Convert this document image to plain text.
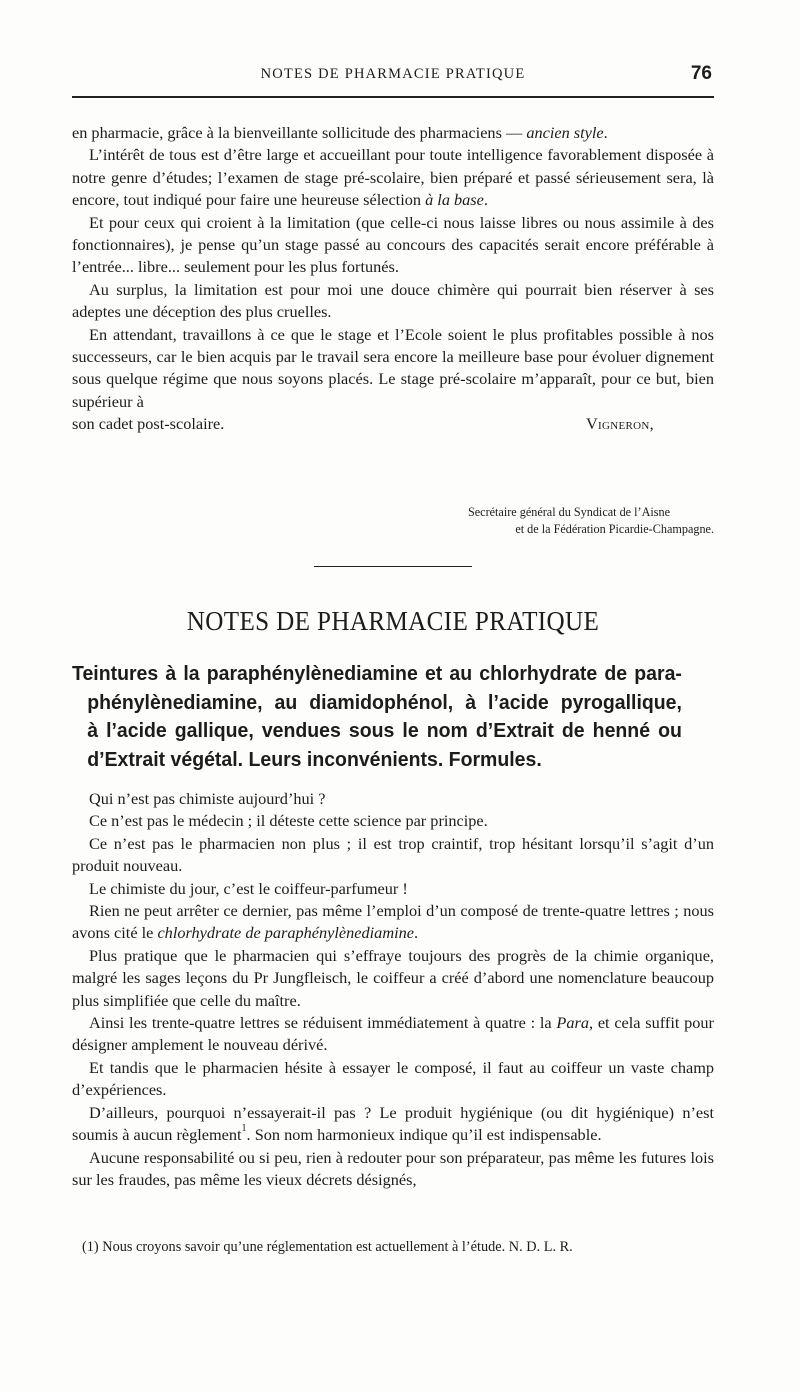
NOTES DE PHARMACIE PRATIQUE	76

en pharmacie, grâce à la bienveillante sollicitude des pharmaciens — ancien style.

L’intérêt de tous est d’être large et accueillant pour toute intelligence favorablement disposée à notre genre d’études; l’examen de stage pré-scolaire, bien préparé et passé sérieusement sera, là encore, tout indiqué pour faire une heureuse sélection à la base.

Et pour ceux qui croient à la limitation (que celle-ci nous laisse libres ou nous assimile à des fonctionnaires), je pense qu’un stage passé au concours des capacités serait encore préférable à l’entrée... libre... seulement pour les plus fortunés.

Au surplus, la limitation est pour moi une douce chimère qui pourrait bien réserver à ses adeptes une déception des plus cruelles.

En attendant, travaillons à ce que le stage et l’Ecole soient le plus profitables possible à nos successeurs, car le bien acquis par le travail sera encore la meilleure base pour évoluer dignement sous quelque régime que nous soyons placés. Le stage pré-scolaire m’apparaît, pour ce but, bien supérieur à

son cadet post-scolaire.	Vigneron,
Secrétaire général du Syndicat de l’Aisne
et de la Fédération Picardie-Champagne.
NOTES DE PHARMACIE PRATIQUE
Teintures à la paraphénylènediamine et au chlorhydrate de para-
phénylènediamine, au diamidophénol, à l’acide pyrogallique,
à l’acide gallique, vendues sous le nom d’Extrait de henné ou
d’Extrait végétal. Leurs inconvénients. Formules.

Qui n’est pas chimiste aujourd’hui ?

Ce n’est pas le médecin ; il déteste cette science par principe.

Ce n’est pas le pharmacien non plus ; il est trop craintif, trop hésitant lorsqu’il s’agit d’un produit nouveau.

Le chimiste du jour, c’est le coiffeur-parfumeur !

Rien ne peut arrêter ce dernier, pas même l’emploi d’un composé de trente-quatre lettres ; nous avons cité le chlorhydrate de paraphénylènediamine.

Plus pratique que le pharmacien qui s’effraye toujours des progrès de la chimie organique, malgré les sages leçons du Pr Jungfleisch, le coiffeur a créé d’abord une nomenclature beaucoup plus simplifiée que celle du maître.

Ainsi les trente-quatre lettres se réduisent immédiatement à quatre : la Para, et cela suffit pour désigner amplement le nouveau dérivé.

Et tandis que le pharmacien hésite à essayer le composé, il faut au coiffeur un vaste champ d’expériences.

D’ailleurs, pourquoi n’essayerait-il pas ? Le produit hygiénique (ou dit hygiénique) n’est soumis à aucun règlement$^1$. Son nom harmonieux indique qu’il est indispensable.

Aucune responsabilité ou si peu, rien à redouter pour son préparateur, pas même les futures lois sur les fraudes, pas même les vieux décrets désignés,

(1) Nous croyons savoir qu’une réglementation est actuellement à l’étude. N. D. L. R.
